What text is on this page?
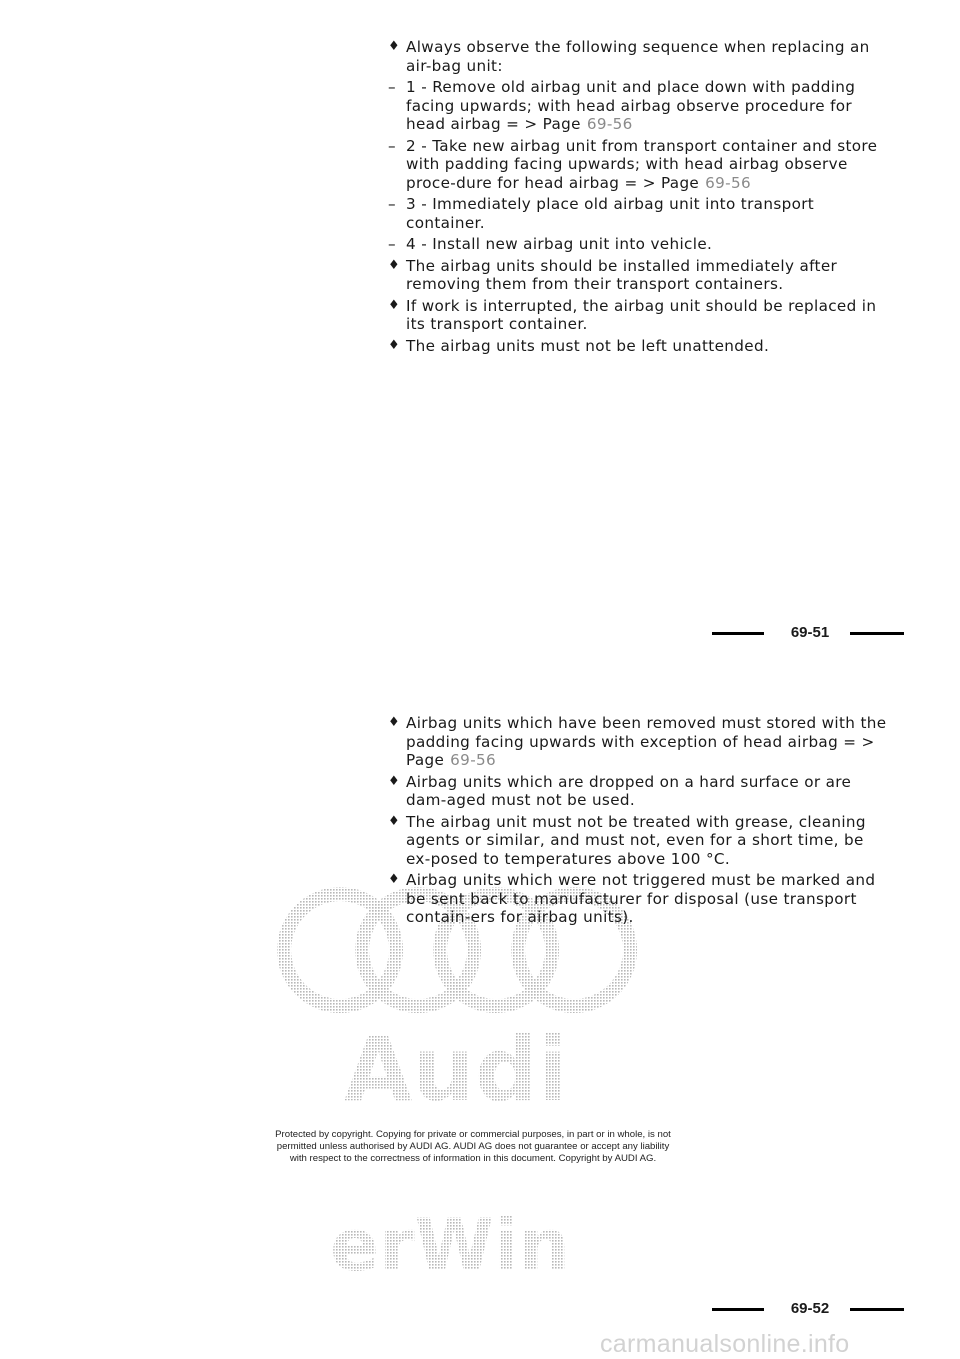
♦ Always observe the following sequence when replacing an air-bag unit:
– 1 - Remove old airbag unit and place down with padding facing upwards; with head airbag observe procedure for head airbag = > Page 69-56
– 2 - Take new airbag unit from transport container and store with padding facing upwards; with head airbag observe proce-dure for head airbag = > Page 69-56
– 3 - Immediately place old airbag unit into transport container.
– 4 - Install new airbag unit into vehicle.
♦ The airbag units should be installed immediately after removing them from their transport containers.
♦ If work is interrupted, the airbag unit should be replaced in its transport container.
♦ The airbag units must not be left unattended.
69-51
Audi
erWin
♦ Airbag units which have been removed must stored with the padding facing upwards with exception of head airbag = > Page 69-56
♦ Airbag units which are dropped on a hard surface or are dam-aged must not be used.
♦ The airbag unit must not be treated with grease, cleaning agents or similar, and must not, even for a short time, be ex-posed to temperatures above 100 °C.
♦ Airbag units which were not triggered must be marked and be sent back to manufacturer for disposal (use transport contain-ers for airbag units).
Protected by copyright. Copying for private or commercial purposes, in part or in whole, is not
permitted unless authorised by AUDI AG. AUDI AG does not guarantee or accept any liability
with respect to the correctness of information in this document. Copyright by AUDI AG.
69-52
carmanualsonline.info
